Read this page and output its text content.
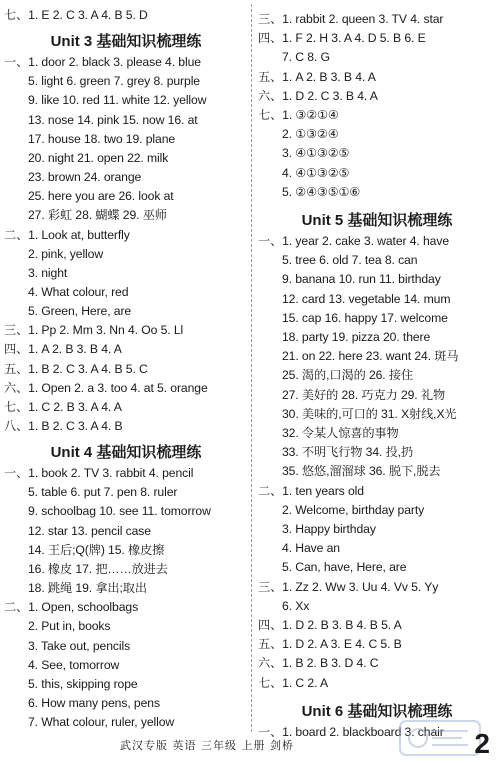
七、1. E 2. C 3. A 4. B 5. D
Unit 3 基础知识梳理练
一、1. door 2. black 3. please 4. blue
5. light 6. green 7. grey 8. purple
9. like 10. red 11. white 12. yellow
13. nose 14. pink 15. now 16. at
17. house 18. two 19. plane
20. night 21. open 22. milk
23. brown 24. orange
25. here you are 26. look at
27. 彩虹 28. 蝴蝶 29. 巫师
二、1. Look at, butterfly
2. pink, yellow
3. night
4. What colour, red
5. Green, Here, are
三、1. Pp 2. Mm 3. Nn 4. Oo 5. Ll
四、1. A 2. B 3. B 4. A
五、1. B 2. C 3. A 4. B 5. C
六、1. Open 2. a 3. too 4. at 5. orange
七、1. C 2. B 3. A 4. A
八、1. B 2. C 3. A 4. B
Unit 4 基础知识梳理练
一、1. book 2. TV 3. rabbit 4. pencil
5. table 6. put 7. pen 8. ruler
9. schoolbag 10. see 11. tomorrow
12. star 13. pencil case
14. 王后;Q(牌) 15. 橡皮擦
16. 橡皮 17. 把……放进去
18. 跳绳 19. 拿出;取出
二、1. Open, schoolbags
2. Put in, books
3. Take out, pencils
4. See, tomorrow
5. this, skipping rope
6. How many pens, pens
7. What colour, ruler, yellow
三、1. rabbit 2. queen 3. TV 4. star
四、1. F 2. H 3. A 4. D 5. B 6. E
7. C 8. G
五、1. A 2. B 3. B 4. A
六、1. D 2. C 3. B 4. A
七、1. ③②①④
2. ①③②④
3. ④①③②⑤
4. ④①③②⑤
5. ②④③⑤①⑥
Unit 5 基础知识梳理练
一、1. year 2. cake 3. water 4. have
5. tree 6. old 7. tea 8. can
9. banana 10. run 11. birthday
12. card 13. vegetable 14. mum
15. cap 16. happy 17. welcome
18. party 19. pizza 20. there
21. on 22. here 23. want 24. 斑马
25. 渴的,口渴的 26. 接住
27. 美好的 28. 巧克力 29. 礼物
30. 美味的,可口的 31. X射线,X光
32. 令某人惊喜的事物
33. 不明飞行物 34. 投,扔
35. 悠悠,溜溜球 36. 脱下,脱去
二、1. ten years old
2. Welcome, birthday party
3. Happy birthday
4. Have an
5. Can, have, Here, are
三、1. Zz 2. Ww 3. Uu 4. Vv 5. Yy
6. Xx
四、1. D 2. B 3. B 4. B 5. A
五、1. D 2. A 3. E 4. C 5. B
六、1. B 2. B 3. D 4. C
七、1. C 2. A
Unit 6 基础知识梳理练
一、1. board 2. blackboard 3. chair
武汉专版 英语 三年级 上册 剑桥	2
